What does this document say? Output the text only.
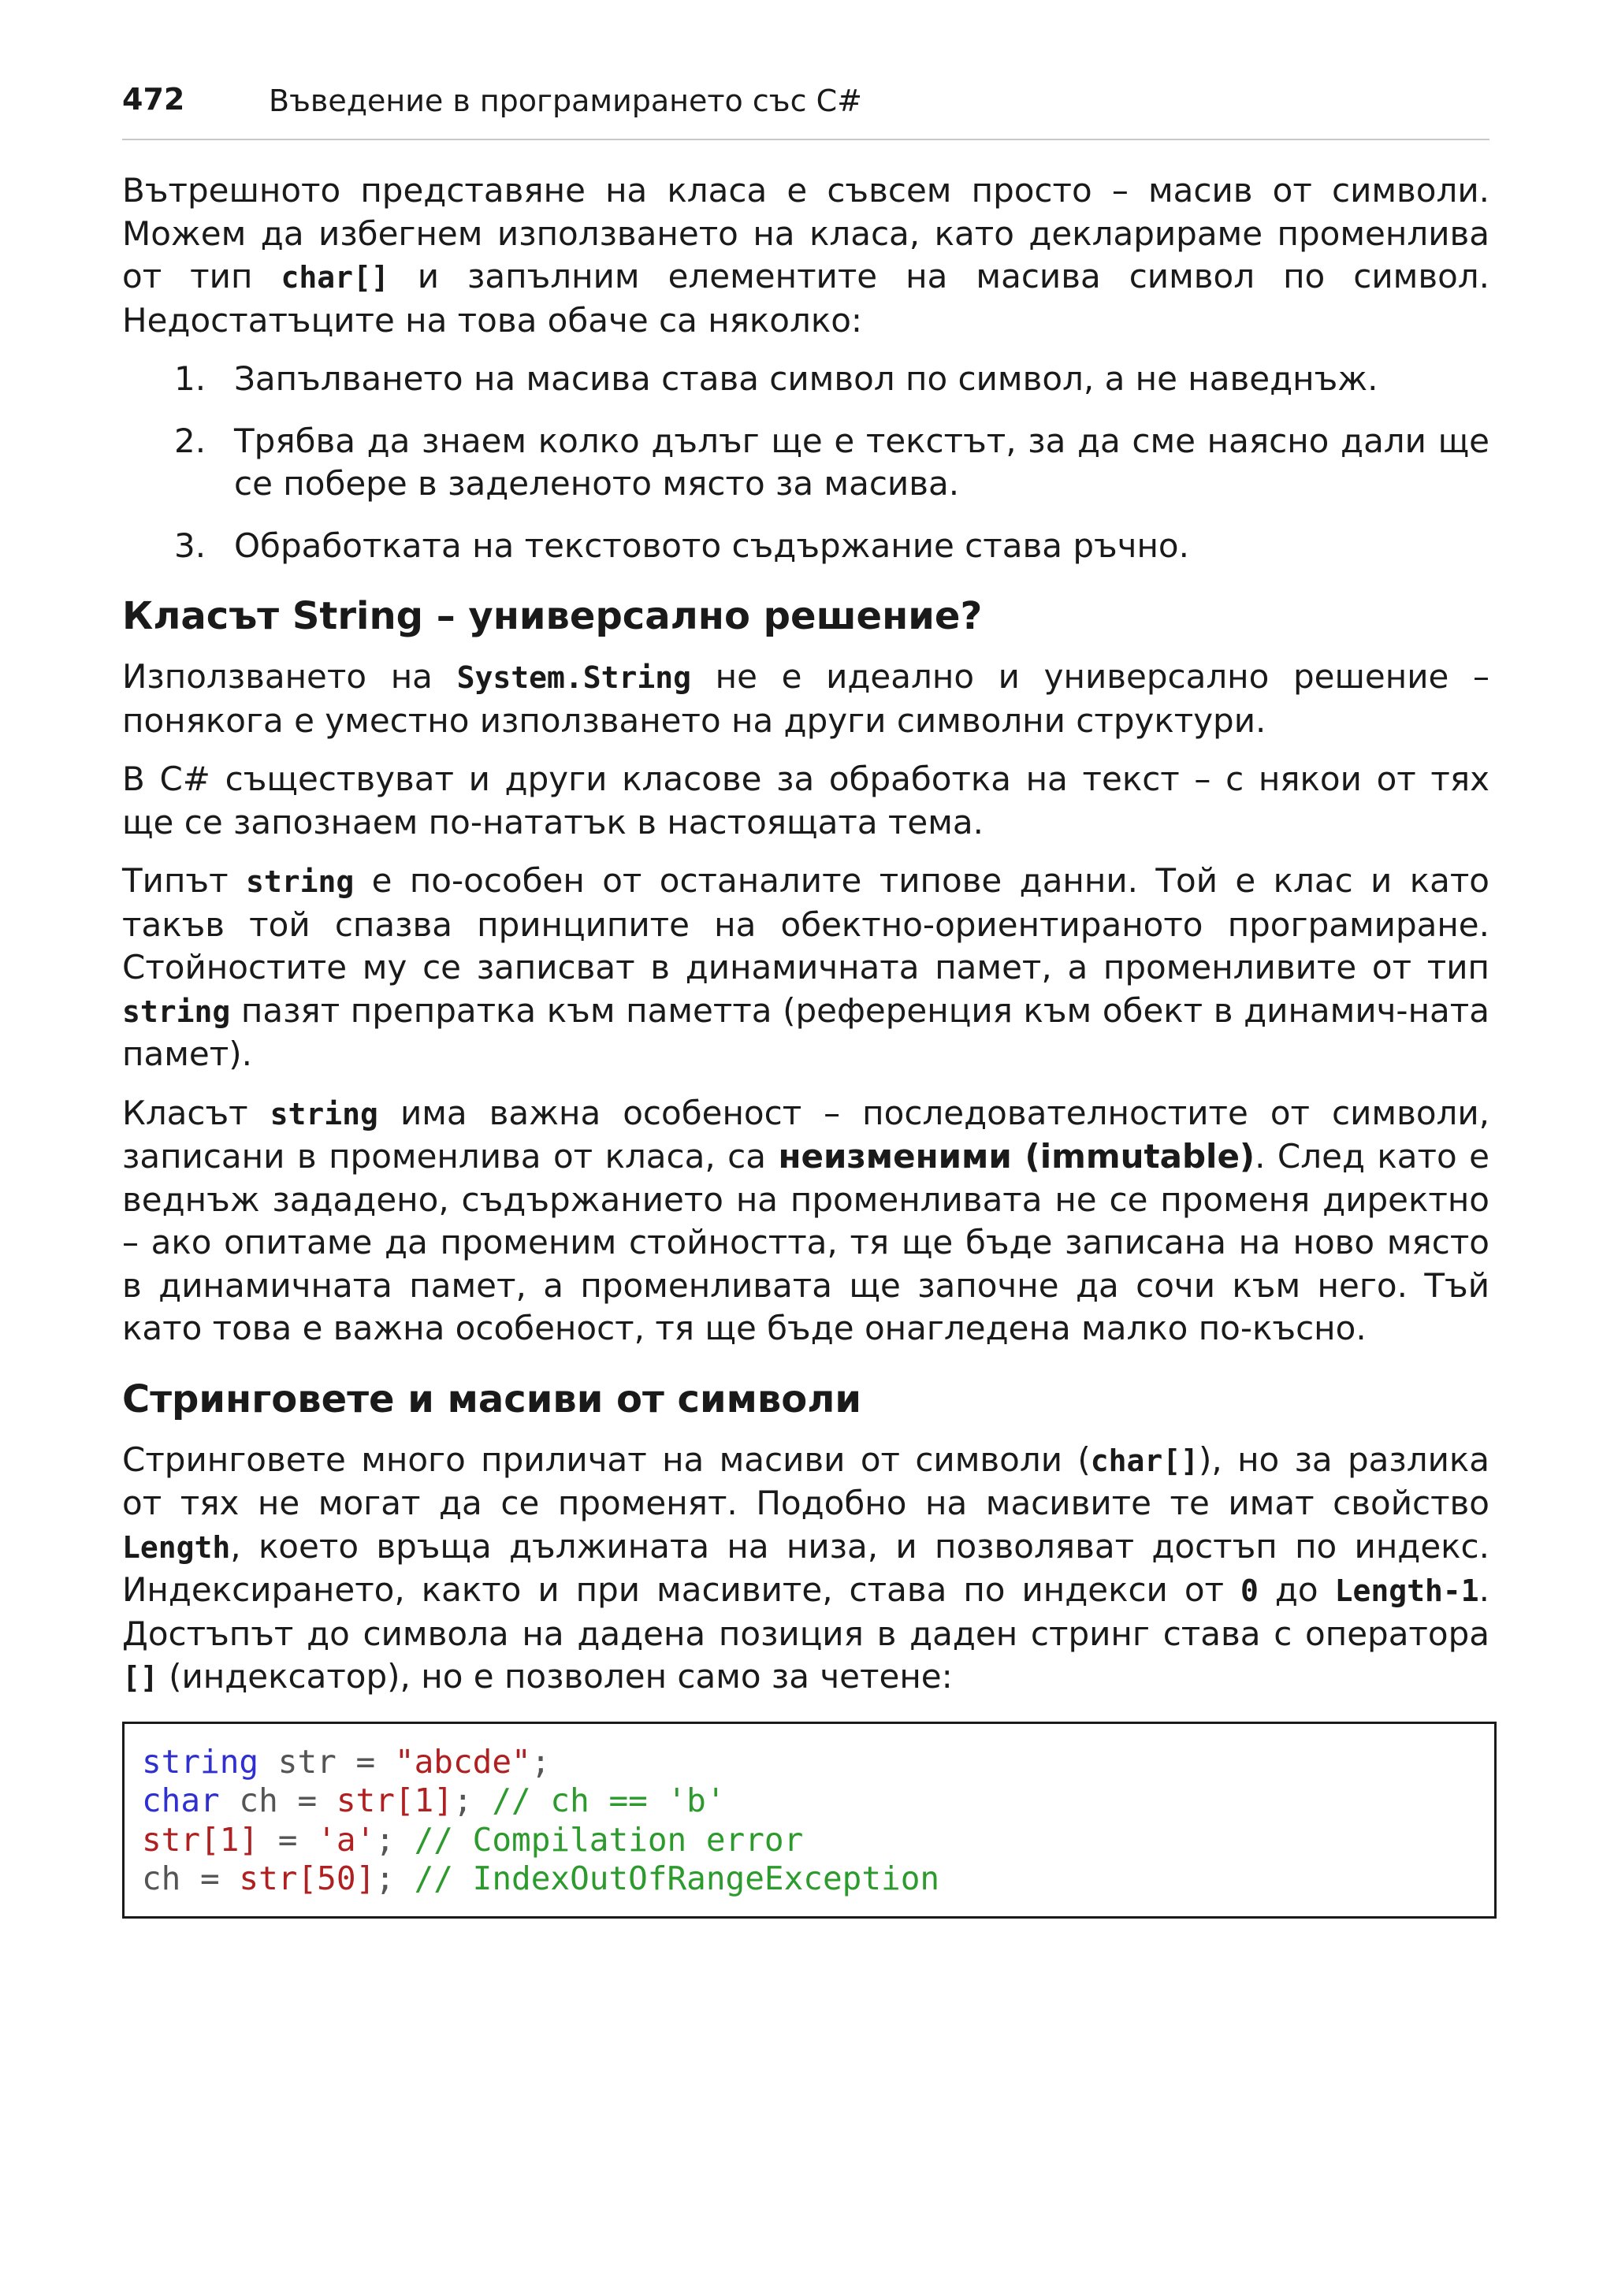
472	Въведение в програмирането със C#

Вътрешното представяне на класа е съвсем просто – масив от символи. Можем да избегнем използването на класа, като декларираме променлива от тип char[] и запълним елементите на масива символ по символ. Недостатъците на това обаче са няколко:

1. Запълването на масива става символ по символ, а не наведнъж.
2. Трябва да знаем колко дълъг ще е текстът, за да сме наясно дали ще се побере в заделеното място за масива.
3. Обработката на текстовото съдържание става ръчно.
Класът String – универсално решение?

Използването на System.String не е идеално и универсално решение – понякога е уместно използването на други символни структури.

В C# съществуват и други класове за обработка на текст – с някои от тях ще се запознаем по-нататък в настоящата тема.

Типът string е по-особен от останалите типове данни. Той е клас и като такъв той спазва принципите на обектно-ориентираното програмиране. Стойностите му се записват в динамичната памет, а променливите от тип string пазят препратка към паметта (референция към обект в динамич-ната памет).

Класът string има важна особеност – последователностите от символи, записани в променлива от класа, са неизменими (immutable). След като е веднъж зададено, съдържанието на променливата не се променя директно – ако опитаме да променим стойността, тя ще бъде записана на ново място в динамичната памет, а променливата ще започне да сочи към него. Тъй като това е важна особеност, тя ще бъде онагледена малко по-късно.

Стринговете и масиви от символи

Стринговете много приличат на масиви от символи (char[]), но за разлика от тях не могат да се променят. Подобно на масивите те имат свойство Length, което връща дължината на низа, и позволяват достъп по индекс. Индексирането, както и при масивите, става по индекси от 0 до Length-1. Достъпът до символа на дадена позиция в даден стринг става с оператора [] (индексатор), но е позволен само за четене:

string str = "abcde";
char ch = str[1]; // ch == 'b'
str[1] = 'a'; // Compilation error
ch = str[50]; // IndexOutOfRangeException
